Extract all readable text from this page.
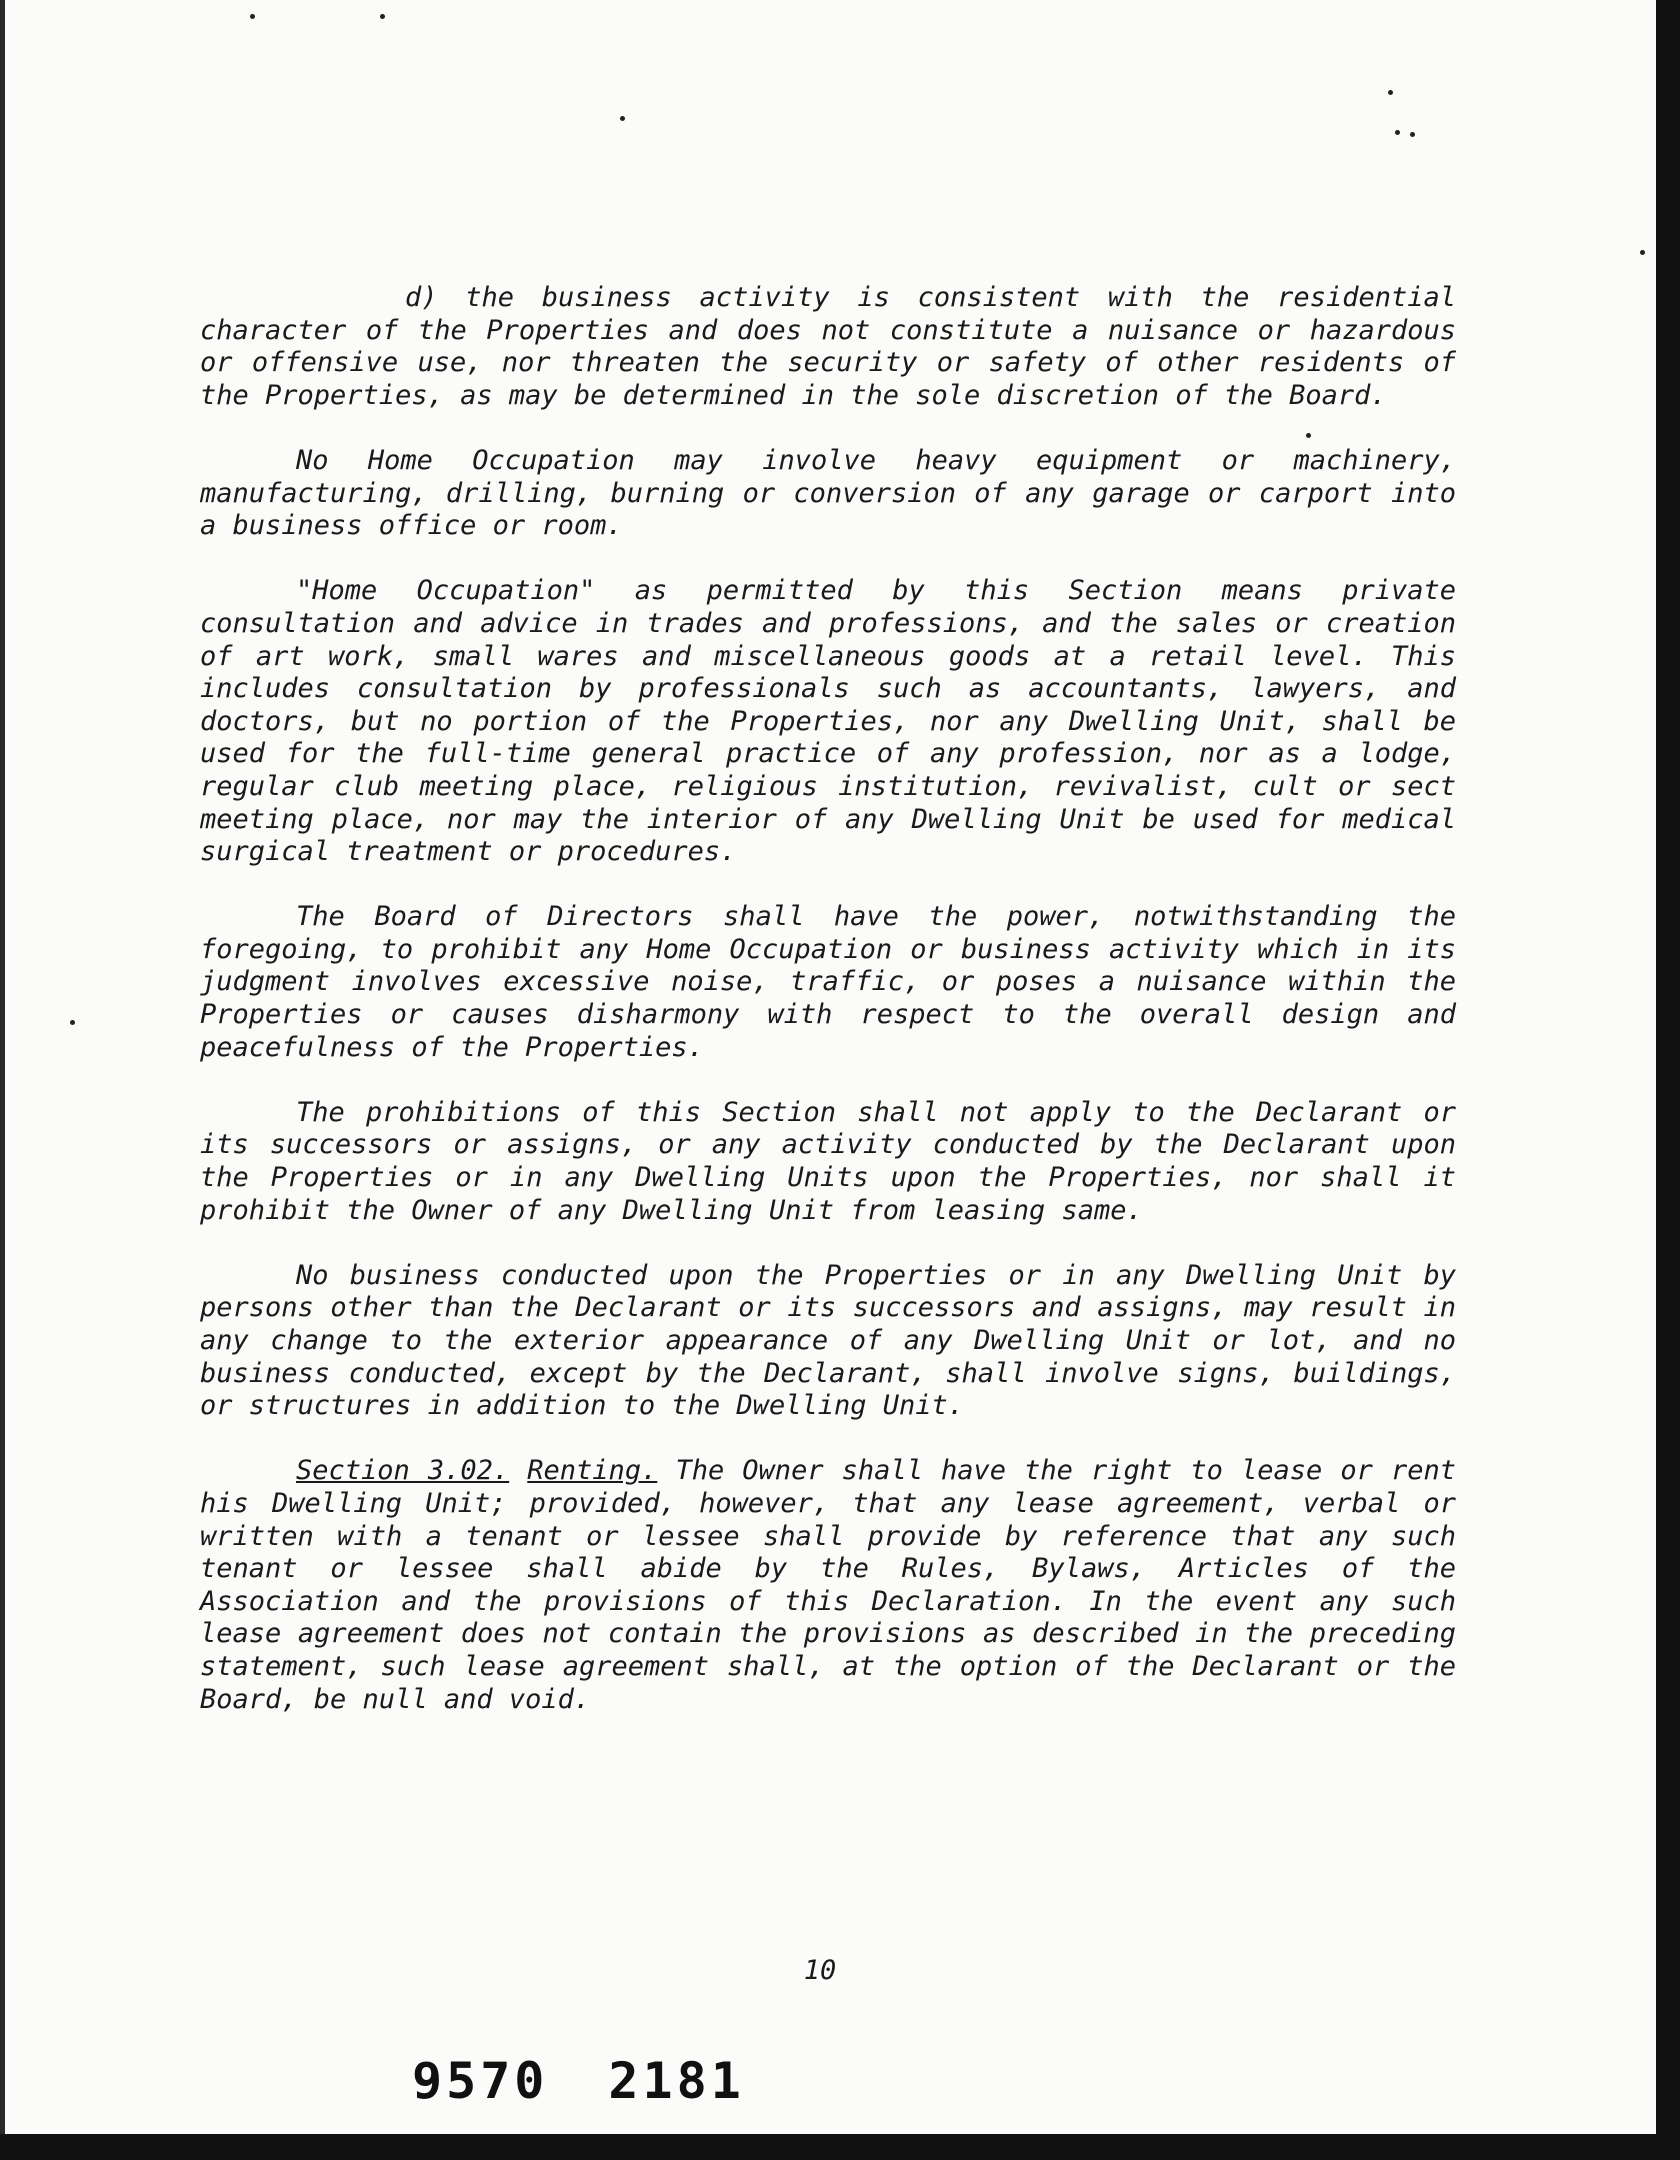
d) the business activity is consistent with the residential character of the Properties and does not constitute a nuisance or hazardous or offensive use, nor threaten the security or safety of other residents of the Properties, as may be determined in the sole discretion of the Board.

No Home Occupation may involve heavy equipment or machinery, manufacturing, drilling, burning or conversion of any garage or carport into a business office or room.

"Home Occupation" as permitted by this Section means private consultation and advice in trades and professions, and the sales or creation of art work, small wares and miscellaneous goods at a retail level. This includes consultation by professionals such as accountants, lawyers, and doctors, but no portion of the Properties, nor any Dwelling Unit, shall be used for the full-time general practice of any profession, nor as a lodge, regular club meeting place, religious institution, revivalist, cult or sect meeting place, nor may the interior of any Dwelling Unit be used for medical surgical treatment or procedures.

The Board of Directors shall have the power, notwithstanding the foregoing, to prohibit any Home Occupation or business activity which in its judgment involves excessive noise, traffic, or poses a nuisance within the Properties or causes disharmony with respect to the overall design and peacefulness of the Properties.

The prohibitions of this Section shall not apply to the Declarant or its successors or assigns, or any activity conducted by the Declarant upon the Properties or in any Dwelling Units upon the Properties, nor shall it prohibit the Owner of any Dwelling Unit from leasing same.

No business conducted upon the Properties or in any Dwelling Unit by persons other than the Declarant or its successors and assigns, may result in any change to the exterior appearance of any Dwelling Unit or lot, and no business conducted, except by the Declarant, shall involve signs, buildings, or structures in addition to the Dwelling Unit.

Section 3.02. Renting. The Owner shall have the right to lease or rent his Dwelling Unit; provided, however, that any lease agreement, verbal or written with a tenant or lessee shall provide by reference that any such tenant or lessee shall abide by the Rules, Bylaws, Articles of the Association and the provisions of this Declaration. In the event any such lease agreement does not contain the provisions as described in the preceding statement, such lease agreement shall, at the option of the Declarant or the Board, be null and void.

10
9570 2181
